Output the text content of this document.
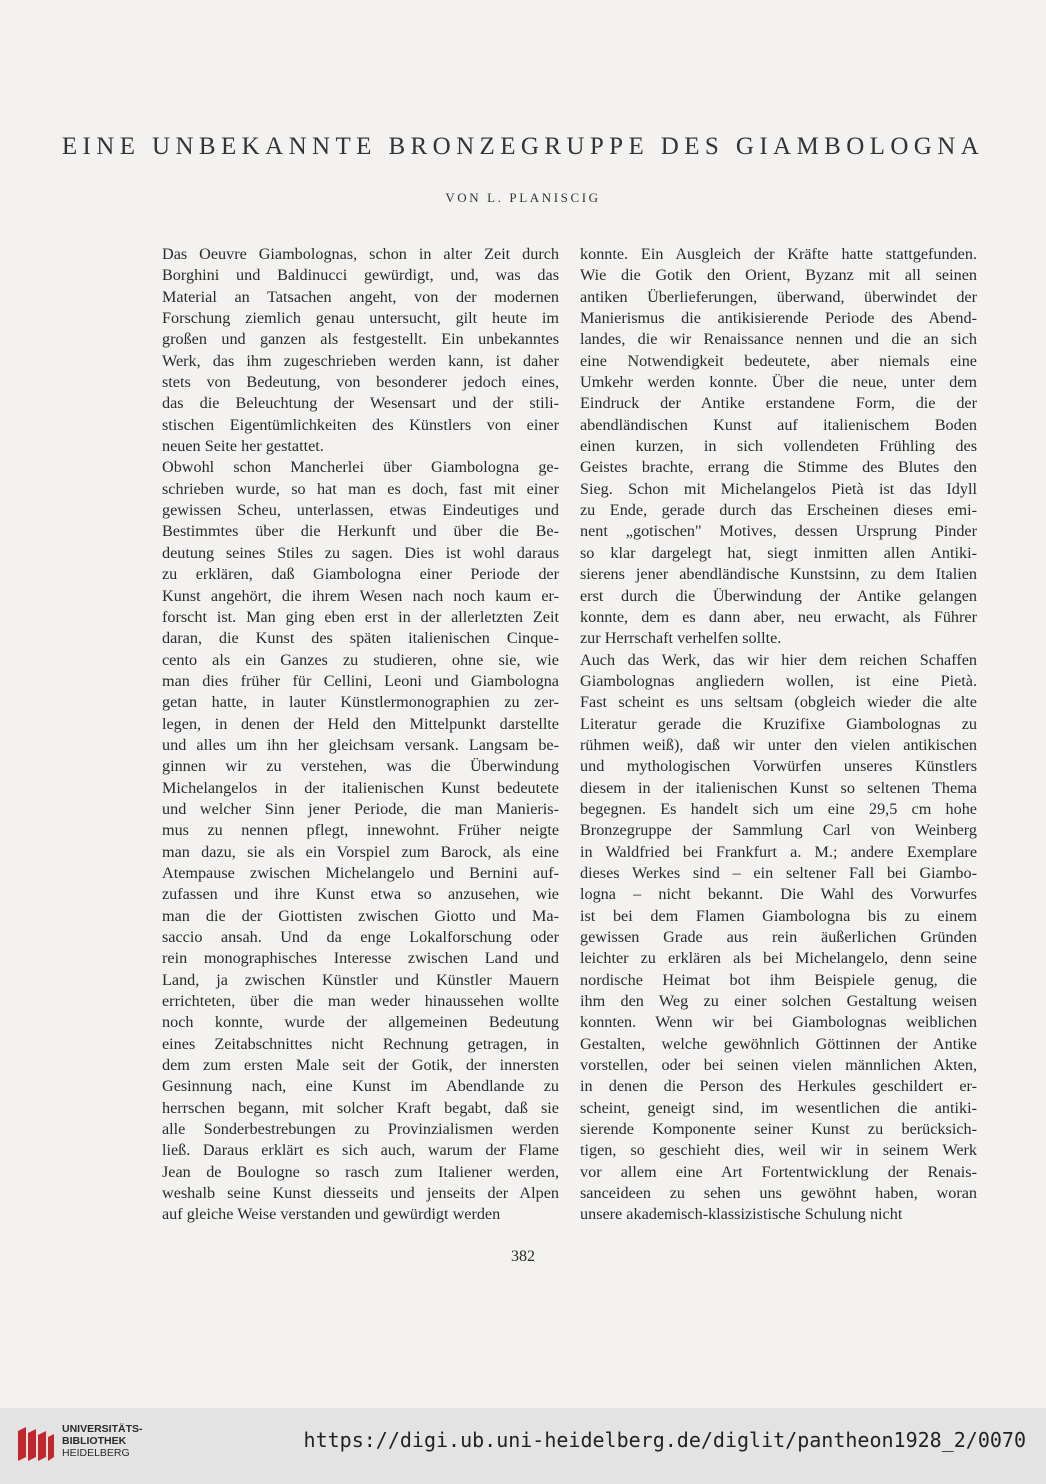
EINE UNBEKANNTE BRONZEGRUPPE DES GIAMBOLOGNA
VON L. PLANISCIG
Das Oeuvre Giambolognas, schon in alter Zeit durch
Borghini und Baldinucci gewürdigt, und, was das
Material an Tatsachen angeht, von der modernen
Forschung ziemlich genau untersucht, gilt heute im
großen und ganzen als festgestellt. Ein unbekanntes
Werk, das ihm zugeschrieben werden kann, ist daher
stets von Bedeutung, von besonderer jedoch eines,
das die Beleuchtung der Wesensart und der stili-
stischen Eigentümlichkeiten des Künstlers von einer
neuen Seite her gestattet.
Obwohl schon Mancherlei über Giambologna ge-
schrieben wurde, so hat man es doch, fast mit einer
gewissen Scheu, unterlassen, etwas Eindeutiges und
Bestimmtes über die Herkunft und über die Be-
deutung seines Stiles zu sagen. Dies ist wohl daraus
zu erklären, daß Giambologna einer Periode der
Kunst angehört, die ihrem Wesen nach noch kaum er-
forscht ist. Man ging eben erst in der allerletzten Zeit
daran, die Kunst des späten italienischen Cinque-
cento als ein Ganzes zu studieren, ohne sie, wie
man dies früher für Cellini, Leoni und Giambologna
getan hatte, in lauter Künstlermonographien zu zer-
legen, in denen der Held den Mittelpunkt darstellte
und alles um ihn her gleichsam versank. Langsam be-
ginnen wir zu verstehen, was die Überwindung
Michelangelos in der italienischen Kunst bedeutete
und welcher Sinn jener Periode, die man Manieris-
mus zu nennen pflegt, innewohnt. Früher neigte
man dazu, sie als ein Vorspiel zum Barock, als eine
Atempause zwischen Michelangelo und Bernini auf-
zufassen und ihre Kunst etwa so anzusehen, wie
man die der Giottisten zwischen Giotto und Ma-
saccio ansah. Und da enge Lokalforschung oder
rein monographisches Interesse zwischen Land und
Land, ja zwischen Künstler und Künstler Mauern
errichteten, über die man weder hinaussehen wollte
noch konnte, wurde der allgemeinen Bedeutung
eines Zeitabschnittes nicht Rechnung getragen, in
dem zum ersten Male seit der Gotik, der innersten
Gesinnung nach, eine Kunst im Abendlande zu
herrschen begann, mit solcher Kraft begabt, daß sie
alle Sonderbestrebungen zu Provinzialismen werden
ließ. Daraus erklärt es sich auch, warum der Flame
Jean de Boulogne so rasch zum Italiener werden,
weshalb seine Kunst diesseits und jenseits der Alpen
auf gleiche Weise verstanden und gewürdigt werden
konnte. Ein Ausgleich der Kräfte hatte stattgefunden.
Wie die Gotik den Orient, Byzanz mit all seinen
antiken Überlieferungen, überwand, überwindet der
Manierismus die antikisierende Periode des Abend-
landes, die wir Renaissance nennen und die an sich
eine Notwendigkeit bedeutete, aber niemals eine
Umkehr werden konnte. Über die neue, unter dem
Eindruck der Antike erstandene Form, die der
abendländischen Kunst auf italienischem Boden
einen kurzen, in sich vollendeten Frühling des
Geistes brachte, errang die Stimme des Blutes den
Sieg. Schon mit Michelangelos Pietà ist das Idyll
zu Ende, gerade durch das Erscheinen dieses emi-
nent „gotischen" Motives, dessen Ursprung Pinder
so klar dargelegt hat, siegt inmitten allen Antiki-
sierens jener abendländische Kunstsinn, zu dem Italien
erst durch die Überwindung der Antike gelangen
konnte, dem es dann aber, neu erwacht, als Führer
zur Herrschaft verhelfen sollte.
Auch das Werk, das wir hier dem reichen Schaffen
Giambolognas angliedern wollen, ist eine Pietà.
Fast scheint es uns seltsam (obgleich wieder die alte
Literatur gerade die Kruzifixe Giambolognas zu
rühmen weiß), daß wir unter den vielen antikischen
und mythologischen Vorwürfen unseres Künstlers
diesem in der italienischen Kunst so seltenen Thema
begegnen. Es handelt sich um eine 29,5 cm hohe
Bronzegruppe der Sammlung Carl von Weinberg
in Waldfried bei Frankfurt a. M.; andere Exemplare
dieses Werkes sind – ein seltener Fall bei Giambo-
logna – nicht bekannt. Die Wahl des Vorwurfes
ist bei dem Flamen Giambologna bis zu einem
gewissen Grade aus rein äußerlichen Gründen
leichter zu erklären als bei Michelangelo, denn seine
nordische Heimat bot ihm Beispiele genug, die
ihm den Weg zu einer solchen Gestaltung weisen
konnten. Wenn wir bei Giambolognas weiblichen
Gestalten, welche gewöhnlich Göttinnen der Antike
vorstellen, oder bei seinen vielen männlichen Akten,
in denen die Person des Herkules geschildert er-
scheint, geneigt sind, im wesentlichen die antiki-
sierende Komponente seiner Kunst zu berücksich-
tigen, so geschieht dies, weil wir in seinem Werk
vor allem eine Art Fortentwicklung der Renais-
sanceideen zu sehen uns gewöhnt haben, woran
unsere akademisch-klassizistische Schulung nicht
382
UNIVERSITÄTS-
BIBLIOTHEK
HEIDELBERG
https://digi.ub.uni-heidelberg.de/diglit/pantheon1928_2/0070
